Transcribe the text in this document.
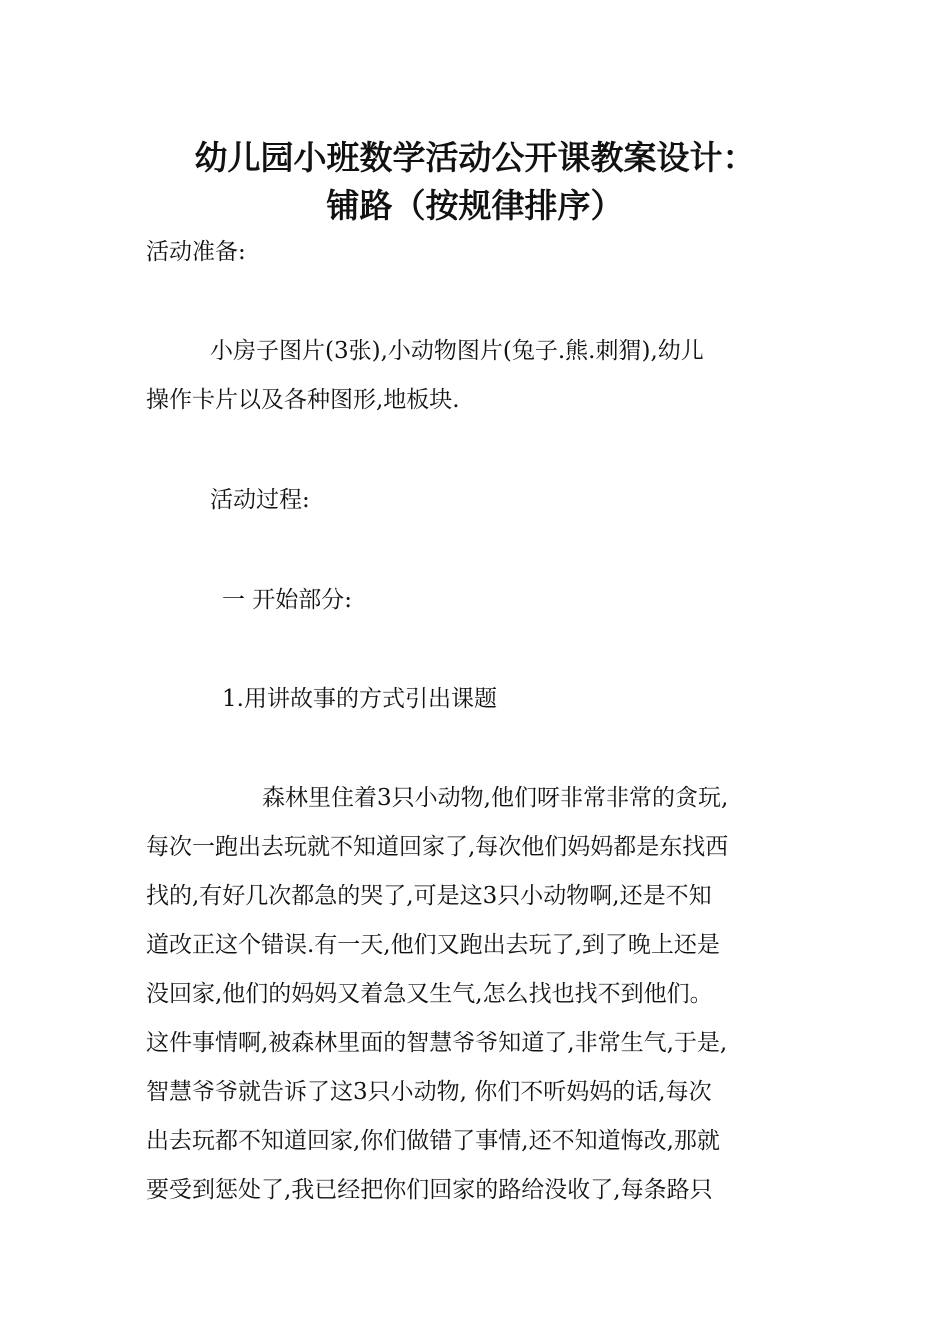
幼儿园小班数学活动公开课教案设计：
铺路（按规律排序）

活动准备:

小房子图片(3张),小动物图片(兔子.熊.刺猬),幼儿

操作卡片以及各种图形,地板块.

活动过程:

一 开始部分:

1.用讲故事的方式引出课题

森林里住着3只小动物,他们呀非常非常的贪玩,

每次一跑出去玩就不知道回家了,每次他们妈妈都是东找西

找的,有好几次都急的哭了,可是这3只小动物啊,还是不知

道改正这个错误.有一天,他们又跑出去玩了,到了晚上还是

没回家,他们的妈妈又着急又生气,怎么找也找不到他们。

这件事情啊,被森林里面的智慧爷爷知道了,非常生气,于是,

智慧爷爷就告诉了这3只小动物, 你们不听妈妈的话,每次

出去玩都不知道回家,你们做错了事情,还不知道悔改,那就

要受到惩处了,我已经把你们回家的路给没收了,每条路只
